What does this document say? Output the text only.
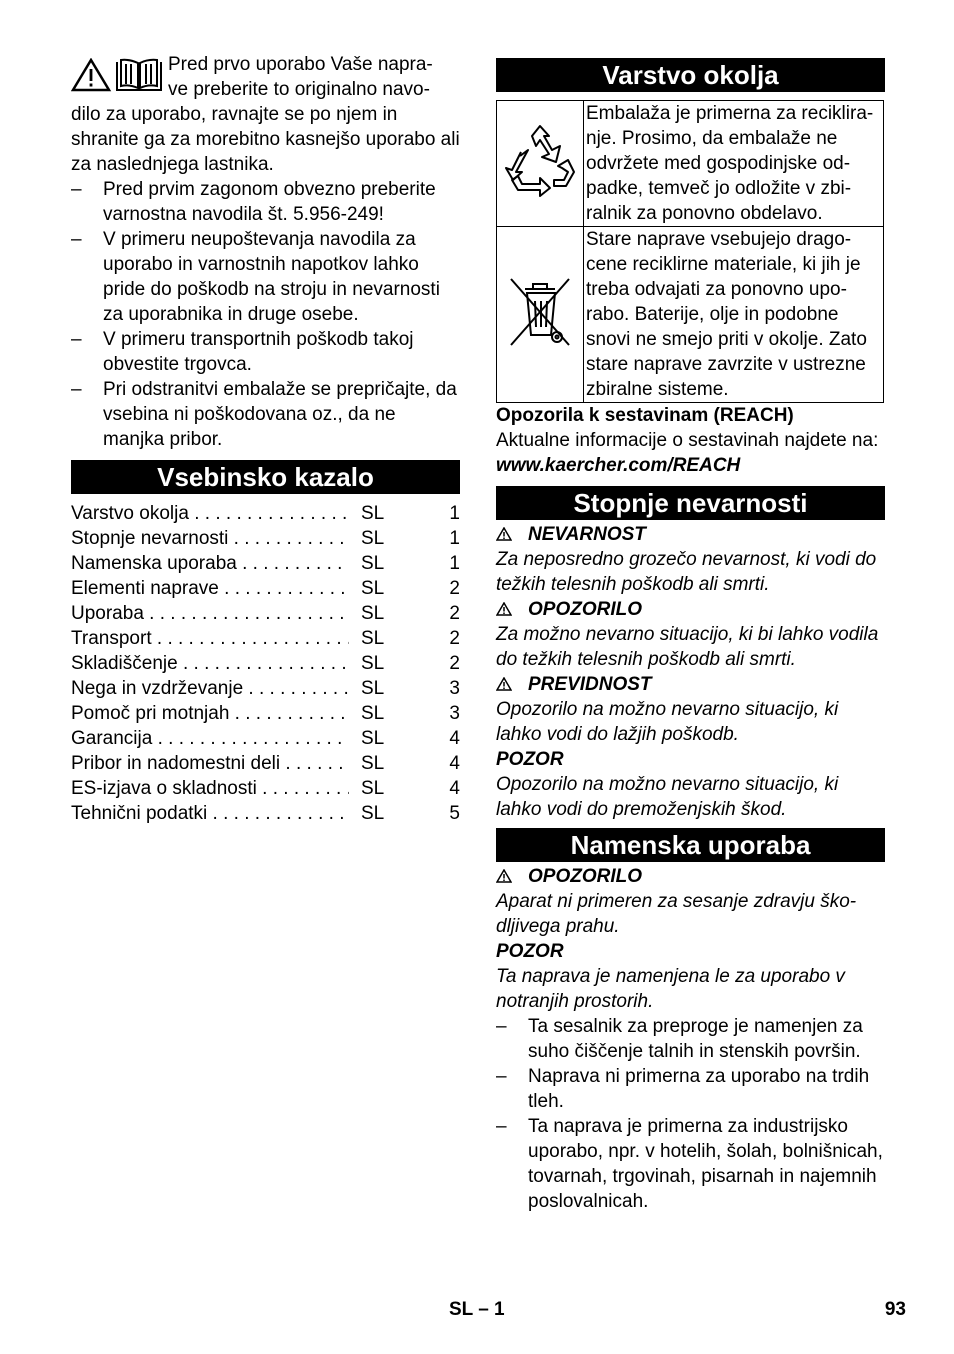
Pred prvo uporabo Vaše napra-

ve preberite to originalno navo-

dilo za uporabo, ravnajte se po njem in shranite ga za morebitno kasnejšo uporabo ali za naslednjega lastnika.

– Pred prvim zagonom obvezno preberite varnostna navodila št. 5.956-249!
– V primeru neupoštevanja navodila za uporabo in varnostnih napotkov lahko pride do poškodb na stroju in nevarnosti za uporabnika in druge osebe.
– V primeru transportnih poškodb takoj obvestite trgovca.
– Pri odstranitvi embalaže se prepričajte, da vsebina ni poškodovana oz., da ne manjka pribor.
Vsebinsko kazalo
Varstvo okolja . . .	SL	1
Stopnje nevarnosti . . .	SL	1
Namenska uporaba . . .	SL	1
Elementi naprave . . .	SL	2
Uporaba . . .	SL	2
Transport . . .	SL	2
Skladiščenje . . .	SL	2
Nega in vzdrževanje . . .	SL	3
Pomoč pri motnjah . . .	SL	3
Garancija . . .	SL	4
Pribor in nadomestni deli . . .	SL	4
ES-izjava o skladnosti . . .	SL	4
Tehnični podatki . . .	SL	5
Varstvo okolja
	Embalaža je primerna za recikliranje. Prosimo, da embalaže ne odvržete med gospodinjske odpadke, temveč jo odložite v zbiralnik za ponovno obdelavo.
	Stare naprave vsebujejo dragocene reciklirne materiale, ki jih je treba odvajati za ponovno uporabo. Baterije, olje in podobne snovi ne smejo priti v okolje. Zato stare naprave zavrzite v ustrezne zbiralne sisteme.

Opozorila k sestavinam (REACH)

Aktualne informacije o sestavinah najdete na:

www.kaercher.com/REACH

Stopnje nevarnosti

NEVARNOST

Za neposredno grozečo nevarnost, ki vodi do težkih telesnih poškodb ali smrti.

OPOZORILO

Za možno nevarno situacijo, ki bi lahko vodila do težkih telesnih poškodb ali smrti.

PREVIDNOST

Opozorilo na možno nevarno situacijo, ki lahko vodi do lažjih poškodb.

POZOR

Opozorilo na možno nevarno situacijo, ki lahko vodi do premoženjskih škod.

Namenska uporaba

OPOZORILO

Aparat ni primeren za sesanje zdravju škodljivega prahu.

POZOR

Ta naprava je namenjena le za uporabo v notranjih prostorih.

– Ta sesalnik za preproge je namenjen za suho čiščenje talnih in stenskih površin.
– Naprava ni primerna za uporabo na trdih tleh.
– Ta naprava je primerna za industrijsko uporabo, npr. v hotelih, šolah, bolnišnicah, tovarnah, trgovinah, pisarnah in najemnih poslovalnicah.
SL – 1	93
